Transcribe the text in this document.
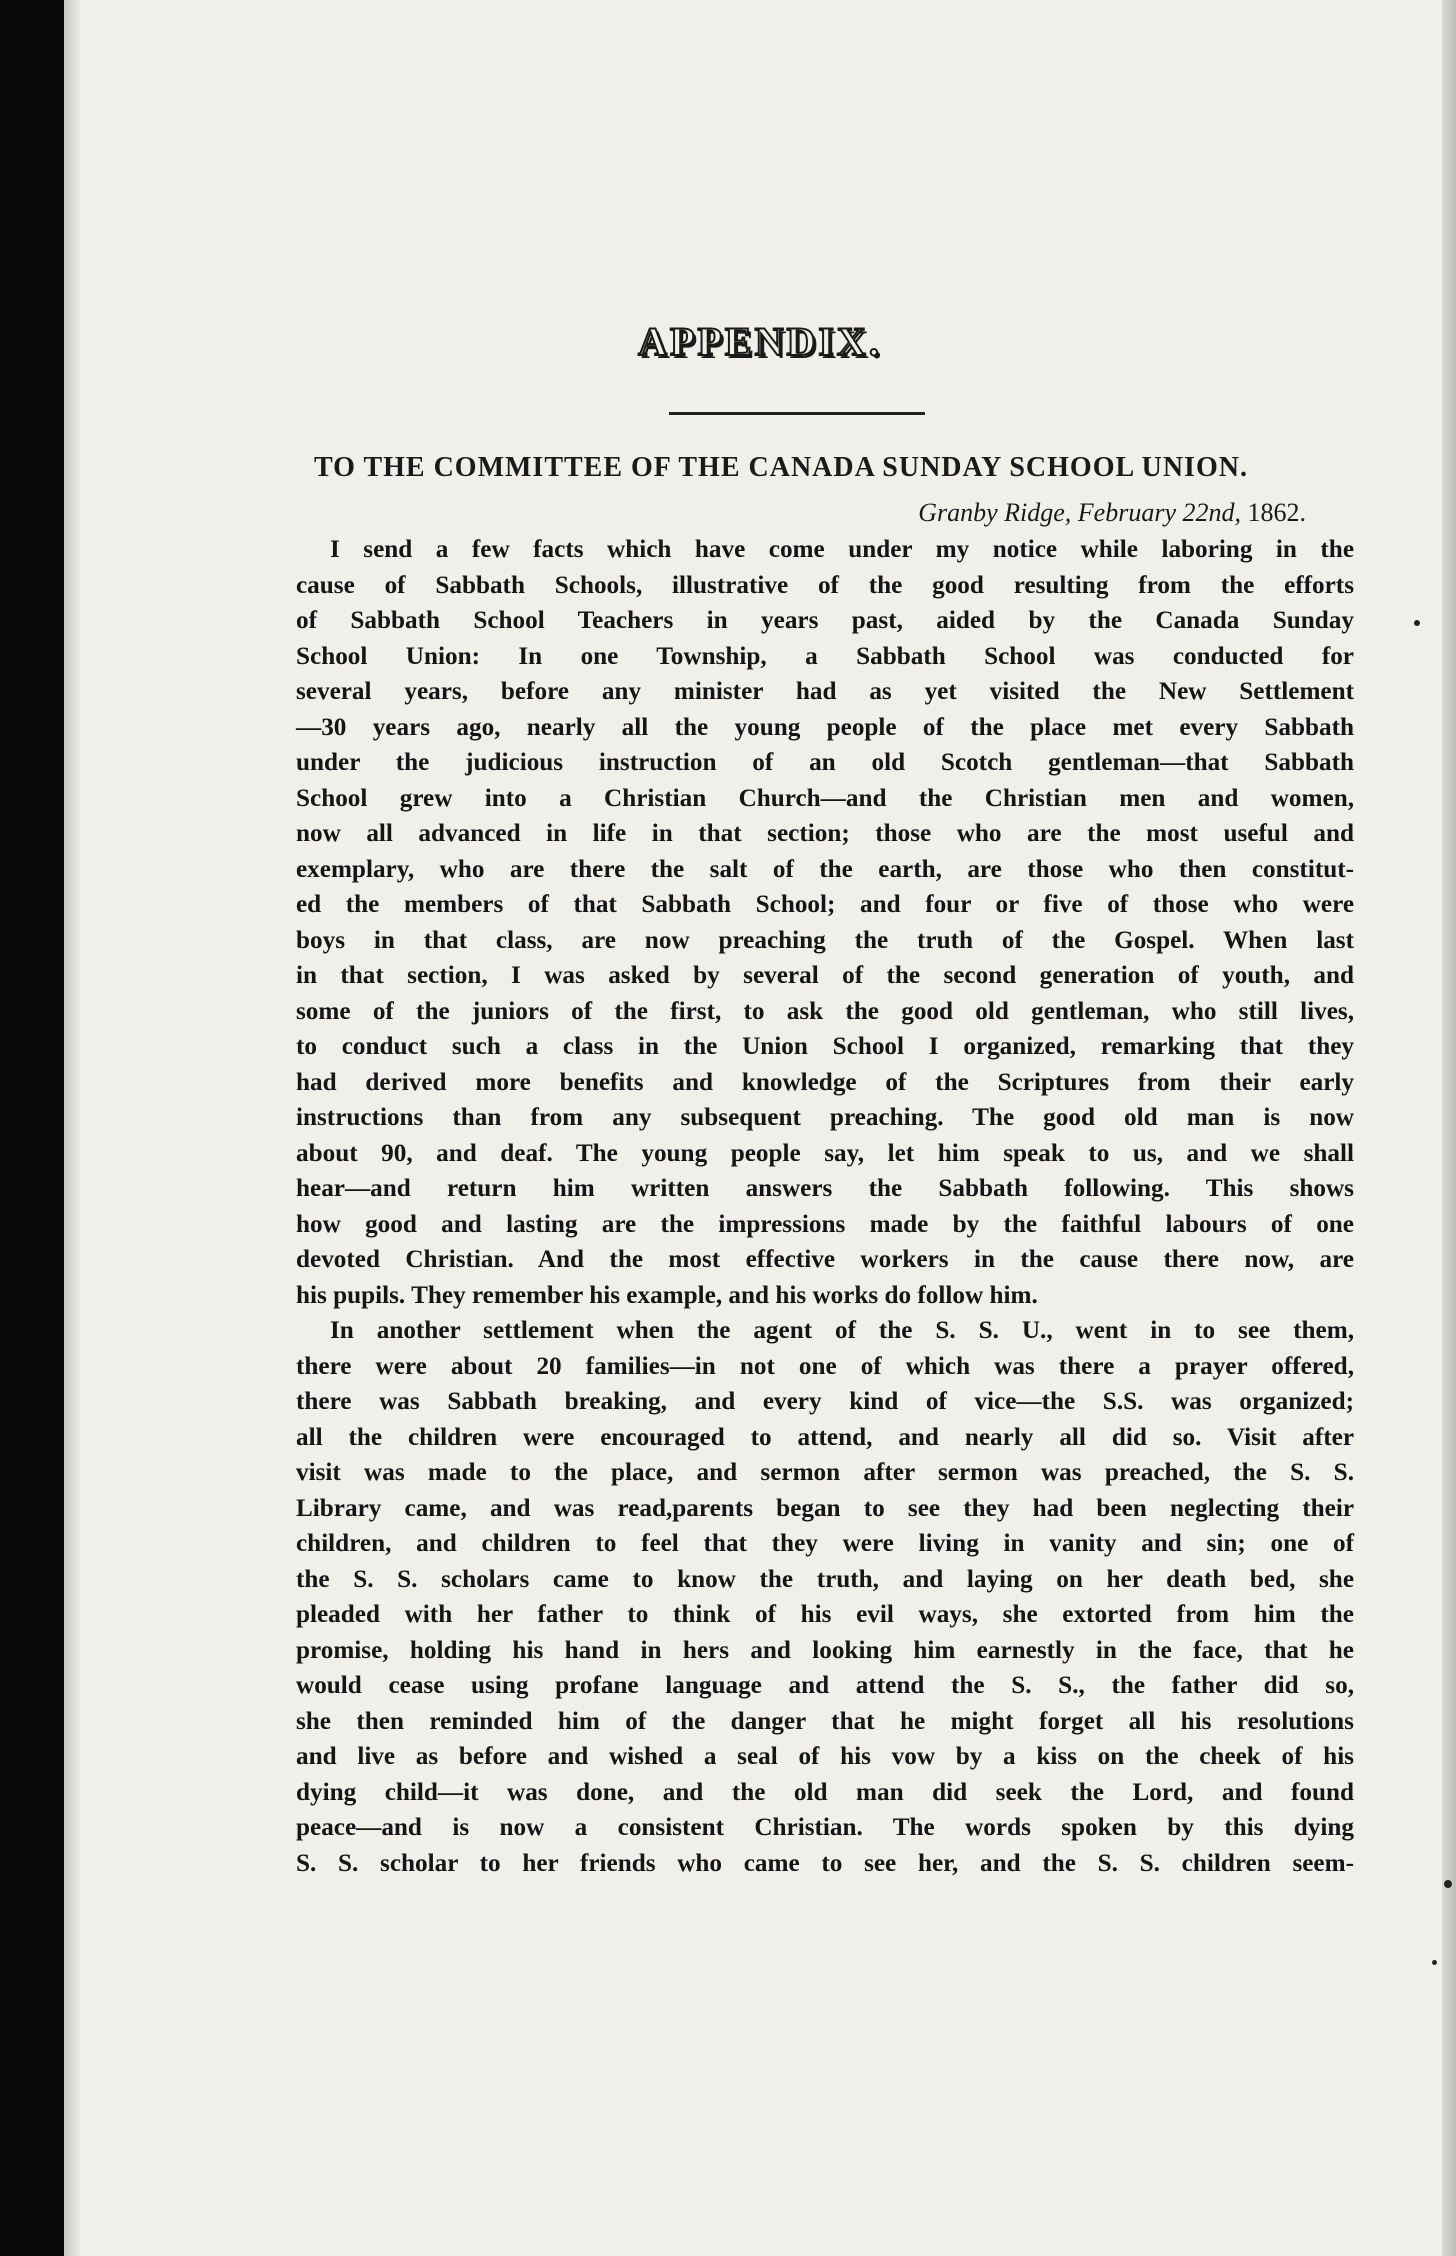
APPENDIX.
TO THE COMMITTEE OF THE CANADA SUNDAY SCHOOL UNION.
Granby Ridge, February 22nd, 1862.
I send a few facts which have come under my notice while laboring in the
cause of Sabbath Schools, illustrative of the good resulting from the efforts
of Sabbath School Teachers in years past, aided by the Canada Sunday
School Union: In one Township, a Sabbath School was conducted for
several years, before any minister had as yet visited the New Settlement
—30 years ago, nearly all the young people of the place met every Sabbath
under the judicious instruction of an old Scotch gentleman—that Sabbath
School grew into a Christian Church—and the Christian men and women,
now all advanced in life in that section; those who are the most useful and
exemplary, who are there the salt of the earth, are those who then constitut-
ed the members of that Sabbath School; and four or five of those who were
boys in that class, are now preaching the truth of the Gospel. When last
in that section, I was asked by several of the second generation of youth, and
some of the juniors of the first, to ask the good old gentleman, who still lives,
to conduct such a class in the Union School I organized, remarking that they
had derived more benefits and knowledge of the Scriptures from their early
instructions than from any subsequent preaching. The good old man is now
about 90, and deaf. The young people say, let him speak to us, and we shall
hear—and return him written answers the Sabbath following. This shows
how good and lasting are the impressions made by the faithful labours of one
devoted Christian. And the most effective workers in the cause there now, are
his pupils. They remember his example, and his works do follow him.
In another settlement when the agent of the S. S. U., went in to see them,
there were about 20 families—in not one of which was there a prayer offered,
there was Sabbath breaking, and every kind of vice—the S.S. was organized;
all the children were encouraged to attend, and nearly all did so. Visit after
visit was made to the place, and sermon after sermon was preached, the S. S.
Library came, and was read,parents began to see they had been neglecting their
children, and children to feel that they were living in vanity and sin; one of
the S. S. scholars came to know the truth, and laying on her death bed, she
pleaded with her father to think of his evil ways, she extorted from him the
promise, holding his hand in hers and looking him earnestly in the face, that he
would cease using profane language and attend the S. S., the father did so,
she then reminded him of the danger that he might forget all his resolutions
and live as before and wished a seal of his vow by a kiss on the cheek of his
dying child—it was done, and the old man did seek the Lord, and found
peace—and is now a consistent Christian. The words spoken by this dying
S. S. scholar to her friends who came to see her, and the S. S. children seem-
